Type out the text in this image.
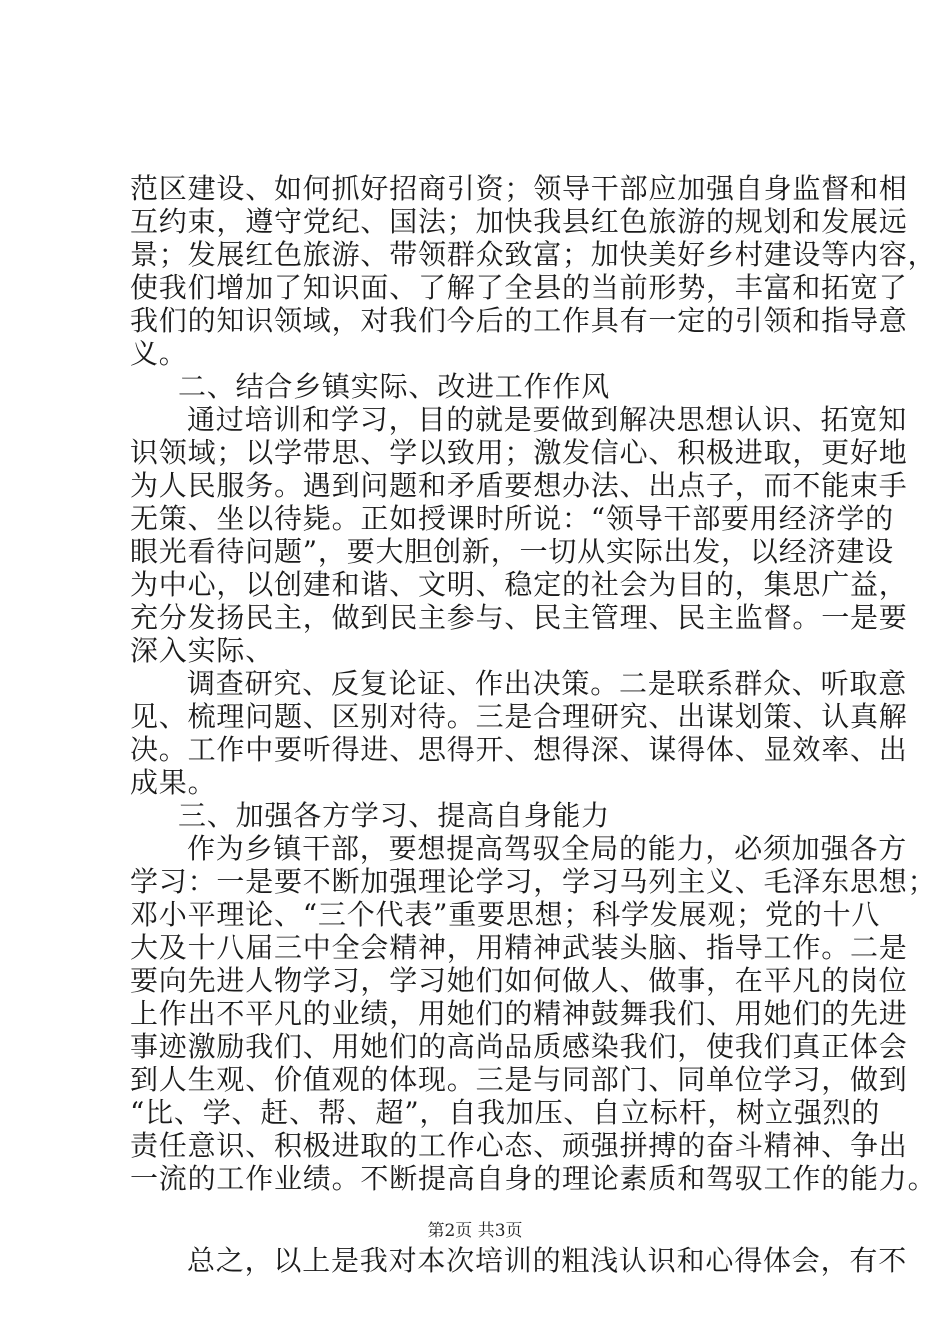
范区建设、如何抓好招商引资；领导干部应加强自身监督和相
互约束，遵守党纪、国法；加快我县红色旅游的规划和发展远
景；发展红色旅游、带领群众致富；加快美好乡村建设等内容，
使我们增加了知识面、了解了全县的当前形势，丰富和拓宽了
我们的知识领域，对我们今后的工作具有一定的引领和指导意
义。
二、结合乡镇实际、改进工作作风
通过培训和学习，目的就是要做到解决思想认识、拓宽知
识领域；以学带思、学以致用；激发信心、积极进取，更好地
为人民服务。遇到问题和矛盾要想办法、出点子，而不能束手
无策、坐以待毙。正如授课时所说：“领导干部要用经济学的
眼光看待问题”，要大胆创新，一切从实际出发，以经济建设
为中心，以创建和谐、文明、稳定的社会为目的，集思广益，
充分发扬民主，做到民主参与、民主管理、民主监督。一是要
深入实际、
调查研究、反复论证、作出决策。二是联系群众、听取意
见、梳理问题、区别对待。三是合理研究、出谋划策、认真解
决。工作中要听得进、思得开、想得深、谋得体、显效率、出
成果。
三、加强各方学习、提高自身能力
作为乡镇干部，要想提高驾驭全局的能力，必须加强各方
学习：一是要不断加强理论学习，学习马列主义、毛泽东思想；
邓小平理论、“三个代表”重要思想；科学发展观；党的十八
大及十八届三中全会精神，用精神武装头脑、指导工作。二是
要向先进人物学习，学习她们如何做人、做事，在平凡的岗位
上作出不平凡的业绩，用她们的精神鼓舞我们、用她们的先进
事迹激励我们、用她们的高尚品质感染我们，使我们真正体会
到人生观、价值观的体现。三是与同部门、同单位学习，做到
“比、学、赶、帮、超”，自我加压、自立标杆，树立强烈的
责任意识、积极进取的工作心态、顽强拼搏的奋斗精神、争出
一流的工作业绩。不断提高自身的理论素质和驾驭工作的能力。
总之，以上是我对本次培训的粗浅认识和心得体会，有不
第2页 共3页
